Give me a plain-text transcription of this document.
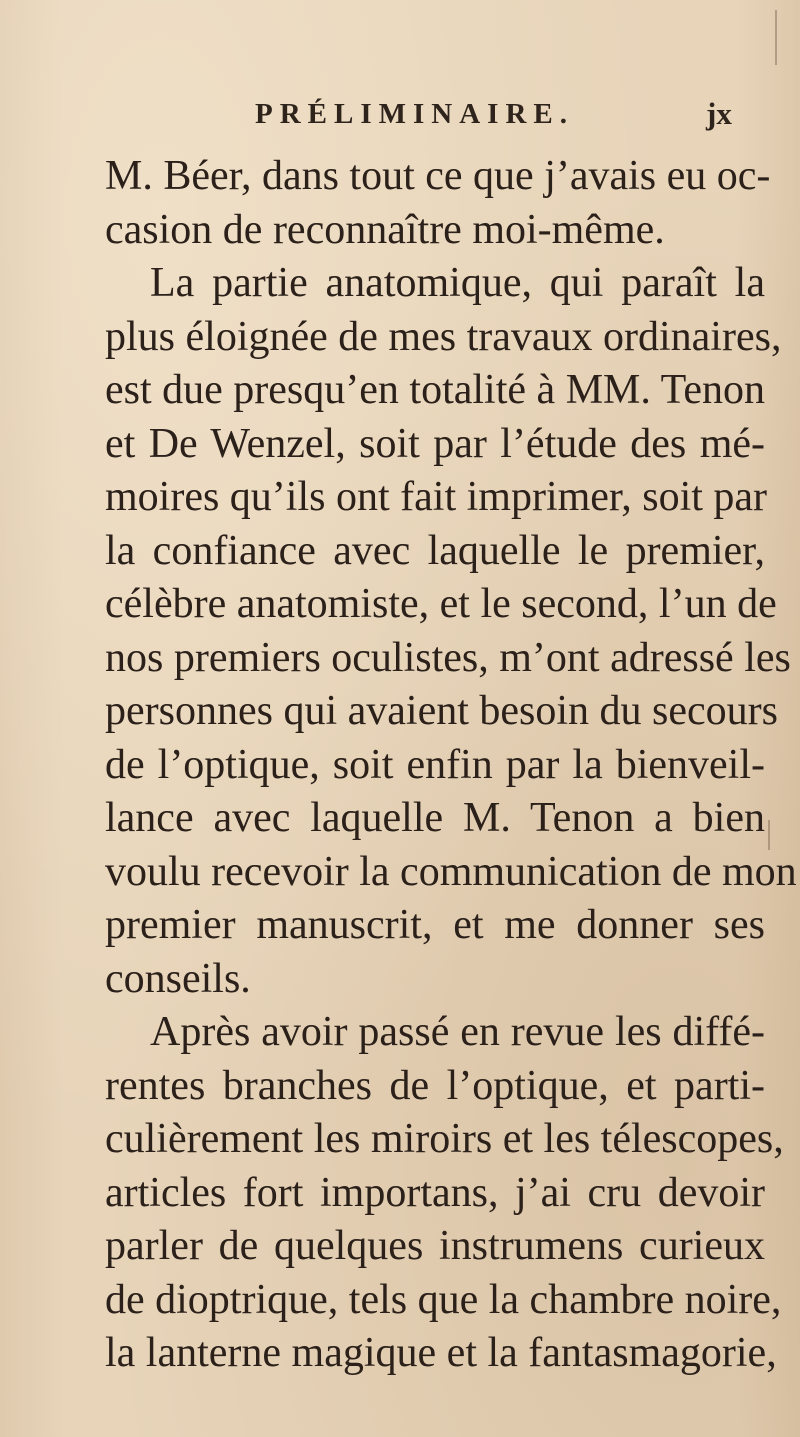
PRÉLIMINAIRE.	jx
M. Béer, dans tout ce que j’avais eu oc-
casion de reconnaître moi-même.
La partie anatomique, qui paraît la
plus éloignée de mes travaux ordinaires,
est due presqu’en totalité à MM. Tenon
et De Wenzel, soit par l’étude des mé-
moires qu’ils ont fait imprimer, soit par
la confiance avec laquelle le premier,
célèbre anatomiste, et le second, l’un de
nos premiers oculistes, m’ont adressé les
personnes qui avaient besoin du secours
de l’optique, soit enfin par la bienveil-
lance avec laquelle M. Tenon a bien
voulu recevoir la communication de mon
premier manuscrit, et me donner ses
conseils.
Après avoir passé en revue les diffé-
rentes branches de l’optique, et parti-
culièrement les miroirs et les télescopes,
articles fort importans, j’ai cru devoir
parler de quelques instrumens curieux
de dioptrique, tels que la chambre noire,
la lanterne magique et la fantasmagorie,
